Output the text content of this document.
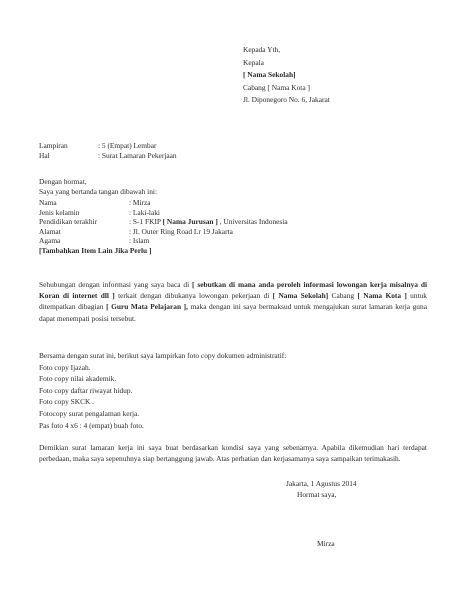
Kepada Yth,
Kepala
[ Nama Sekolah]
Cabang [ Nama Kota ]
Jl. Diponegoro No. 6, Jakarat
Lampiran	: 5 (Empat) Lembar
Hal	: Surat Lamaran Pekerjaan
Dengan hormat,
Saya yang bertanda tangan dibawah ini:
Nama	: Mirza
Jenis kelamin	: Laki-laki
Pendidikan terakhir	: S-1 FKIP [ Nama Jurusan ] , Universitas Indonesia
Alamat	: Jl. Outer Ring Road Lr 19 Jakarta
Agama	: Islam
[Tambahkan Item Lain Jika Perlu ]
Sehubungan dengan informasi yang saya baca di [ sebutkan di mana anda peroleh informasi lowongan kerja misalnya di Koran di internet dll ] terkait dengan dibukanya lowongan pekerjaan di [ Nama Sekolah] Cabang [ Nama Kota ] untuk ditempatkan dibagian [ Guru Mata Pelajaran ], maka dengan ini saya bermaksud untuk mengajukan surat lamaran kerja guna dapat menempati posisi tersebut.
Bersama dengan surat ini, berikut saya lampirkan foto copy dokumen administratif:
Foto copy Ijazah.
Foto copy nilai akademik.
Foto copy daftar riwayat hidup.
Foto copy SKCK .
Fotocopy surat pengalaman kerja.
Pas foto 4 x6 : 4 (empat) buah foto.
Demikian surat lamaran kerja ini saya buat berdasarkan kondisi saya yang sebenarnya. Apabila dikemudian hari terdapat perbedaan, maka saya sepenuhnya siap bertanggung jawab. Atas perhatian dan kerjasamanya saya sampaikan terimakasih.
Jakarta, 1 Agustus 2014
Hormat saya,
Mirza
